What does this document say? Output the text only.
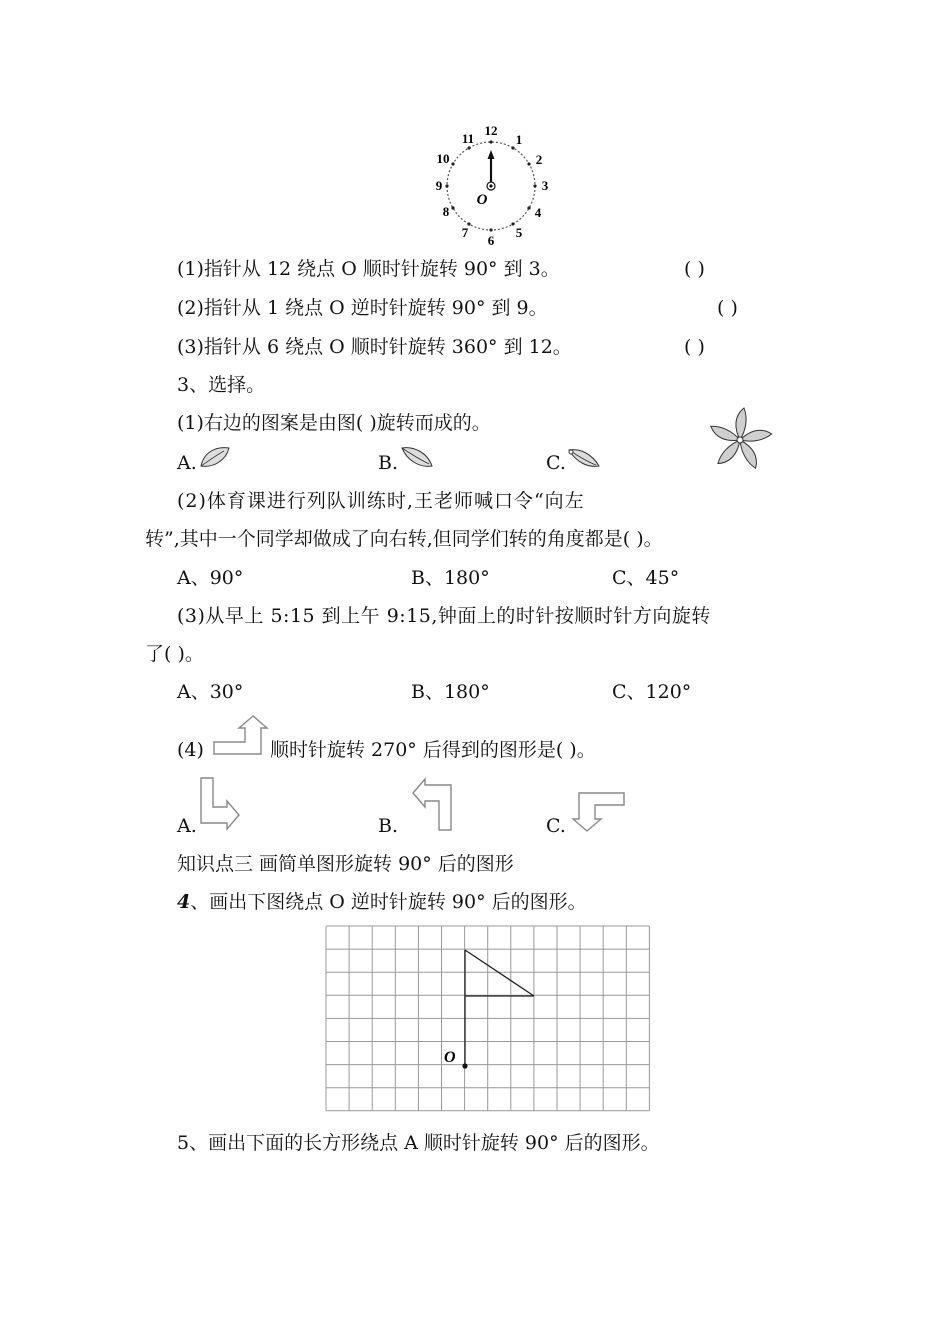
12
1
2
3
4
5
6
7
8
9
10
11
O
(1)指针从 12 绕点 O 顺时针旋转 90° 到 3。	( )
(2)指针从 1 绕点 O 逆时针旋转 90° 到 9。	( )
(3)指针从 6 绕点 O 顺时针旋转 360° 到 12。	( )
3、选择。
(1)右边的图案是由图( )旋转而成的。
A.	B.	C.
(2)体育课进行列队训练时,王老师喊口令“向左
转”,其中一个同学却做成了向右转,但同学们转的角度都是( )。
A、90°	B、180°	C、45°
(3)从早上 5:15 到上午 9:15,钟面上的时针按顺时针方向旋转
了( )。
A、30°	B、180°	C、120°
(4)	顺时针旋转 270° 后得到的图形是( )。
A.	B.	C.
知识点三 画简单图形旋转 90° 后的图形
4、画出下图绕点 O 逆时针旋转 90° 后的图形。
O
5、画出下面的长方形绕点 A 顺时针旋转 90° 后的图形。
